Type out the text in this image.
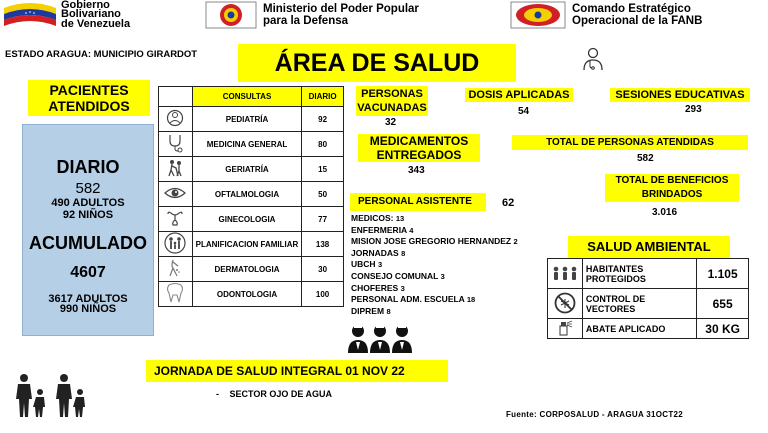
Gobierno
Bolivariano
de Venezuela
Ministerio del Poder Popular
para la Defensa
Comando Estratégico
Operacional de la FANB
ESTADO ARAGUA: MUNICIPIO GIRARDOT	ÁREA DE SALUD
PACIENTES
ATENDIDOS
DIARIO
582
490 ADULTOS
92 NIÑOS
ACUMULADO
4607
3617 ADULTOS
990 NIÑOS
	CONSULTAS	DIARIO
	PEDIATRÍA	92
	MEDICINA GENERAL	80
	GERIATRÍA	15
	OFTALMOLOGIA	50
	GINECOLOGIA	77
	PLANIFICACION FAMILIAR	138
	DERMATOLOGIA	30
	ODONTOLOGIA	100
PERSONAS
VACUNADAS
32
DOSIS APLICADAS
54
SESIONES EDUCATIVAS
293
MEDICAMENTOS
ENTREGADOS
343
TOTAL DE PERSONAS ATENDIDAS
582
TOTAL DE BENEFICIOS
BRINDADOS
3.016
PERSONAL ASISTENTE	62
MEDICOS: 13
ENFERMERIA 4
MISION JOSE GREGORIO HERNANDEZ 2
JORNADAS 8
UBCH 3
CONSEJO COMUNAL 3
CHOFERES 3
PERSONAL ADM. ESCUELA 18
DIPREM 8
SALUD AMBIENTAL
	HABITANTES PROTEGIDOS	1.105
	CONTROL DE VECTORES	655
	ABATE APLICADO	30 KG
JORNADA DE SALUD INTEGRAL 01 NOV 22
- SECTOR OJO DE AGUA
Fuente: CORPOSALUD - ARAGUA 31OCT22
